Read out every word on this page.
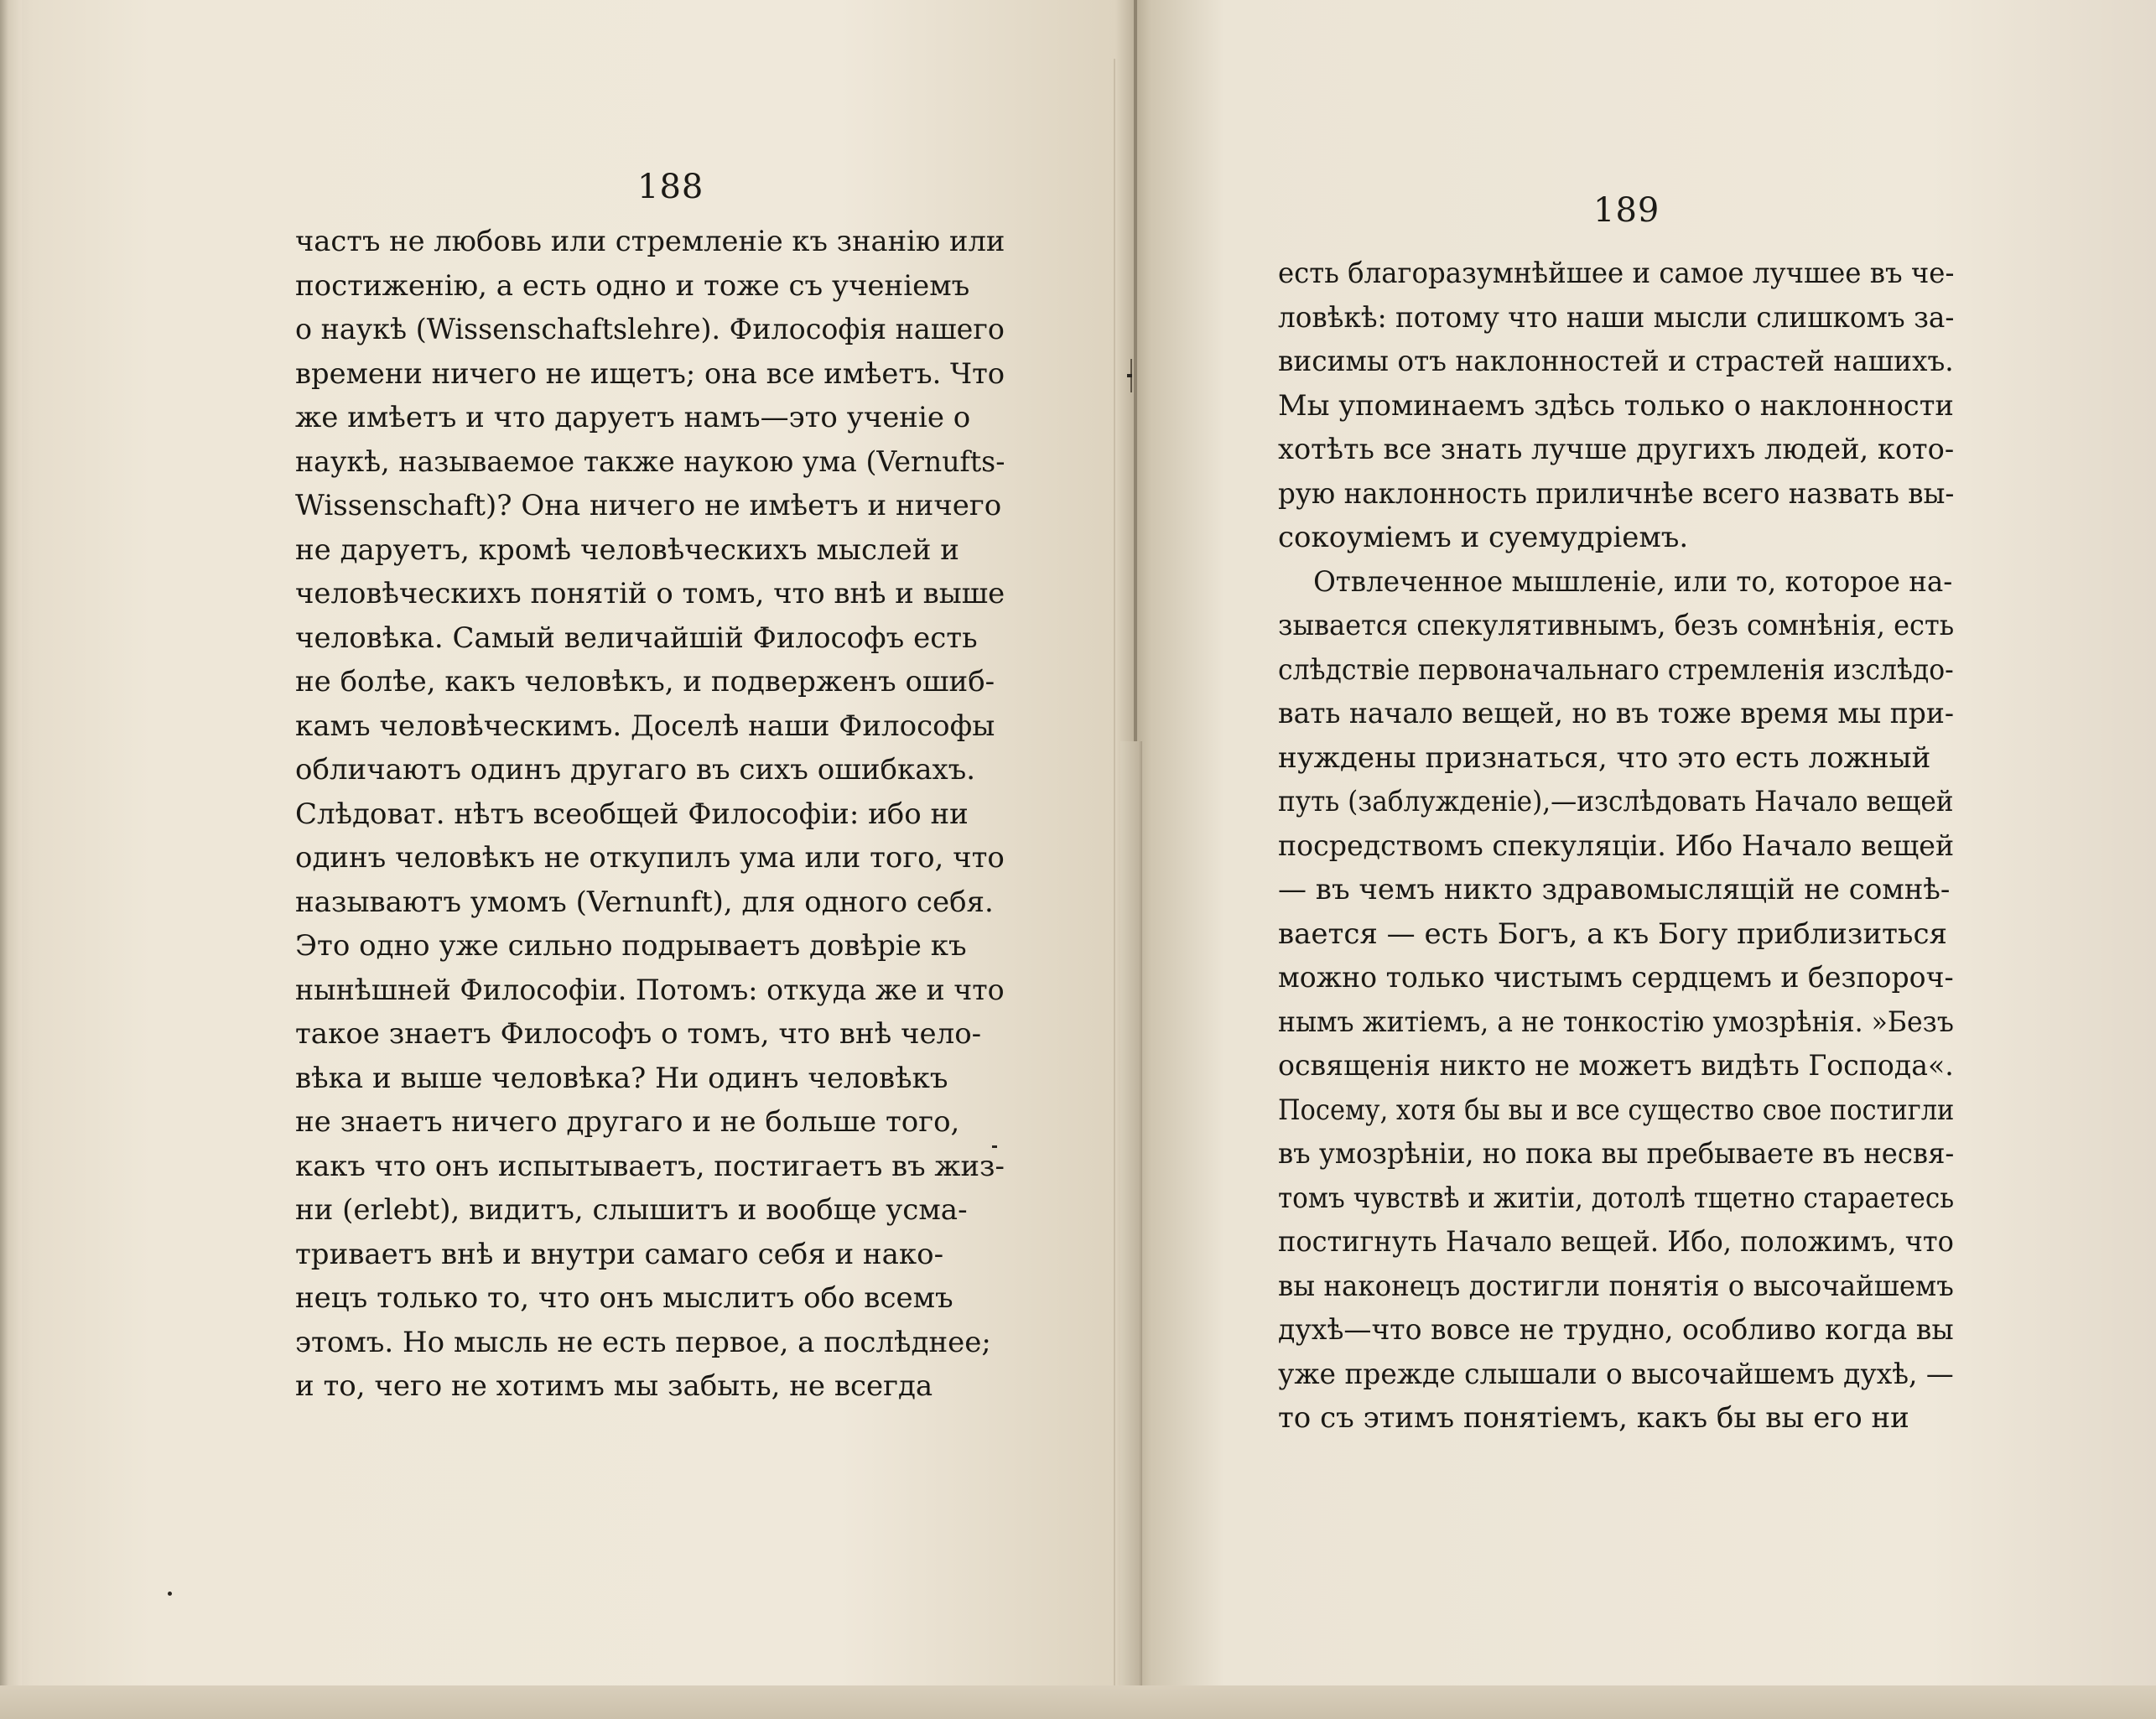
188
частъ не любовь или стремленіе къ знанію или
постиженію, а есть одно и тоже съ ученіемъ
о наукѣ (Wissenschaftslehre). Философія нашего
времени ничего не ищетъ; она все имѣетъ. Что
же имѣетъ и что даруетъ намъ—это ученіе о
наукѣ, называемое также наукою ума (Vernufts-
Wissenschaft)? Она ничего не имѣетъ и ничего
не даруетъ, кромѣ человѣческихъ мыслей и
человѣческихъ понятій о томъ, что внѣ и выше
человѣка. Самый величайшій Философъ есть
не болѣе, какъ человѣкъ, и подверженъ ошиб-
камъ человѣческимъ. Доселѣ наши Философы
обличаютъ одинъ другаго въ сихъ ошибкахъ.
Слѣдоват. нѣтъ всеобщей Философіи: ибо ни
одинъ человѣкъ не откупилъ ума или того, что
называютъ умомъ (Vernunft), для одного себя.
Это одно уже сильно подрываетъ довѣріе къ
нынѣшней Философіи. Потомъ: откуда же и что
такое знаетъ Философъ о томъ, что внѣ чело-
вѣка и выше человѣка? Ни одинъ человѣкъ
не знаетъ ничего другаго и не больше того,
какъ что онъ испытываетъ, постигаетъ въ жиз-
ни (erlebt), видитъ, слышитъ и вообще усма-
триваетъ внѣ и внутри самаго себя и нако-
нецъ только то, что онъ мыслитъ обо всемъ
этомъ. Но мысль не есть первое, а послѣднее;
и то, чего не хотимъ мы забыть, не всегда
189
есть благоразумнѣйшее и самое лучшее въ че-
ловѣкѣ: потому что наши мысли слишкомъ за-
висимы отъ наклонностей и страстей нашихъ.
Мы упоминаемъ здѣсь только о наклонности
хотѣть все знать лучше другихъ людей, кото-
рую наклонность приличнѣе всего назвать вы-
сокоуміемъ и суемудріемъ.
Отвлеченное мышленіе, или то, которое на-
зывается спекулятивнымъ, безъ сомнѣнія, есть
слѣдствіе первоначальнаго стремленія изслѣдо-
вать начало вещей, но въ тоже время мы при-
нуждены признаться, что это есть ложный
путь (заблужденіе),—изслѣдовать Начало вещей
посредствомъ спекуляціи. Ибо Начало вещей
— въ чемъ никто здравомыслящій не сомнѣ-
вается — есть Богъ, а къ Богу приблизиться
можно только чистымъ сердцемъ и безпороч-
нымъ житіемъ, а не тонкостію умозрѣнія. »Безъ
освященія никто не можетъ видѣть Господа«.
Посему, хотя бы вы и все существо свое постигли
въ умозрѣніи, но пока вы пребываете въ несвя-
томъ чувствѣ и житіи, дотолѣ тщетно стараетесь
постигнуть Начало вещей. Ибо, положимъ, что
вы наконецъ достигли понятія о высочайшемъ
духѣ—что вовсе не трудно, особливо когда вы
уже прежде слышали о высочайшемъ духѣ, —
то съ этимъ понятіемъ, какъ бы вы его ни
